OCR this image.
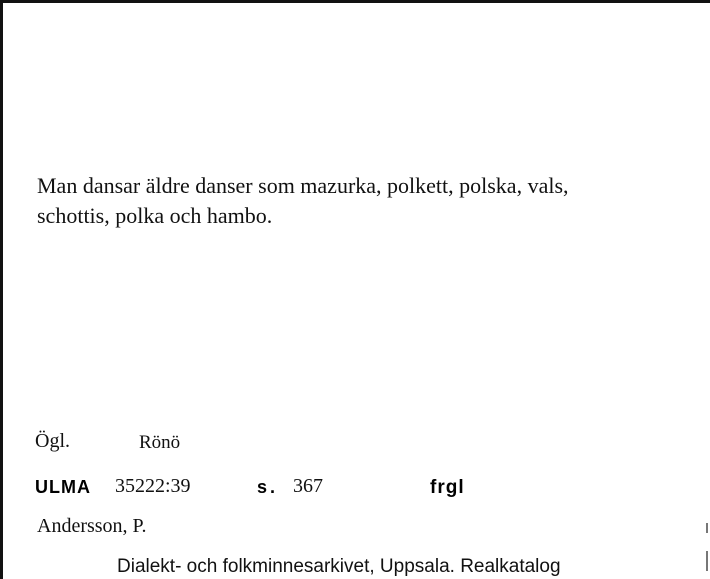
Man dansar äldre danser som mazurka, polkett, polska, vals,
schottis, polka och hambo.
Ögl.	Rönö
ULMA 35222:39	s. 367	frgl
Andersson, P.
Dialekt- och folkminnesarkivet, Uppsala. Realkatalog
